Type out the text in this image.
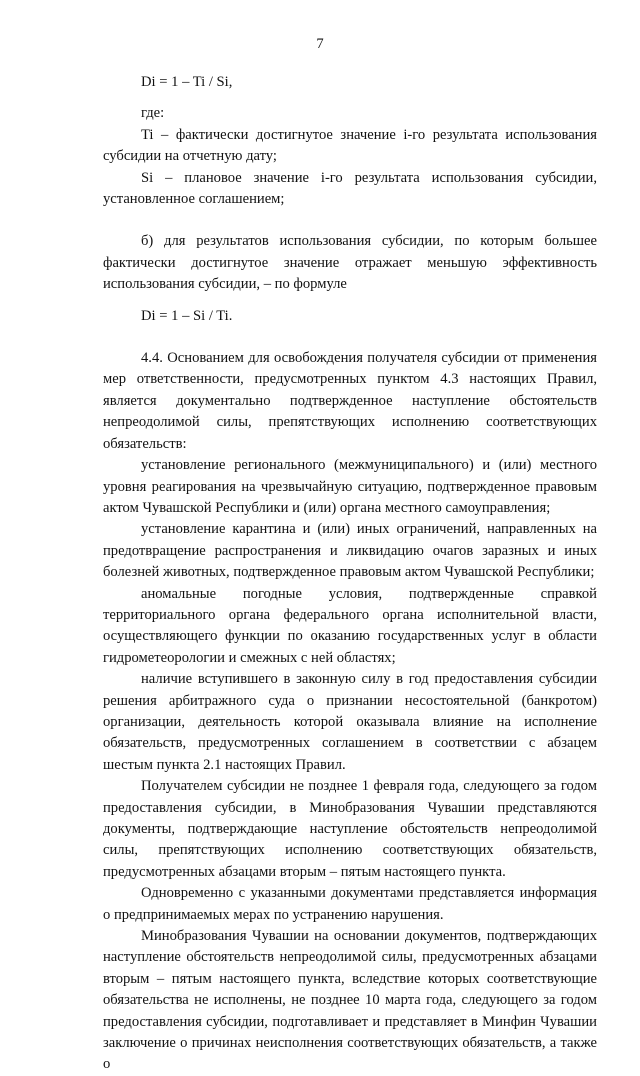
7

Di = 1 – Ti / Si,

где:

Ti – фактически достигнутое значение i-го результата использования субсидии на отчетную дату;

Si – плановое значение i-го результата использования субсидии, установленное соглашением;

б) для результатов использования субсидии, по которым большее фактически достигнутое значение отражает меньшую эффективность использования субсидии, – по формуле

Di = 1 – Si / Ti.

4.4. Основанием для освобождения получателя субсидии от применения мер ответственности, предусмотренных пунктом 4.3 настоящих Правил, является документально подтвержденное наступление обстоятельств непреодолимой силы, препятствующих исполнению соответствующих обязательств:

установление регионального (межмуниципального) и (или) местного уровня реагирования на чрезвычайную ситуацию, подтвержденное правовым актом Чувашской Республики и (или) органа местного самоуправления;

установление карантина и (или) иных ограничений, направленных на предотвращение распространения и ликвидацию очагов заразных и иных болезней животных, подтвержденное правовым актом Чувашской Республики;

аномальные погодные условия, подтвержденные справкой территориального органа федерального органа исполнительной власти, осуществляющего функции по оказанию государственных услуг в области гидрометеорологии и смежных с ней областях;

наличие вступившего в законную силу в год предоставления субсидии решения арбитражного суда о признании несостоятельной (банкротом) организации, деятельность которой оказывала влияние на исполнение обязательств, предусмотренных соглашением в соответствии с абзацем шестым пункта 2.1 настоящих Правил.

Получателем субсидии не позднее 1 февраля года, следующего за годом предоставления субсидии, в Минобразования Чувашии представляются документы, подтверждающие наступление обстоятельств непреодолимой силы, препятствующих исполнению соответствующих обязательств, предусмотренных абзацами вторым – пятым настоящего пункта.

Одновременно с указанными документами представляется информация о предпринимаемых мерах по устранению нарушения.

Минобразования Чувашии на основании документов, подтверждающих наступление обстоятельств непреодолимой силы, предусмотренных абзацами вторым – пятым настоящего пункта, вследствие которых соответствующие обязательства не исполнены, не позднее 10 марта года, следующего за годом предоставления субсидии, подготавливает и представляет в Минфин Чувашии заключение о причинах неисполнения соответствующих обязательств, а также о
